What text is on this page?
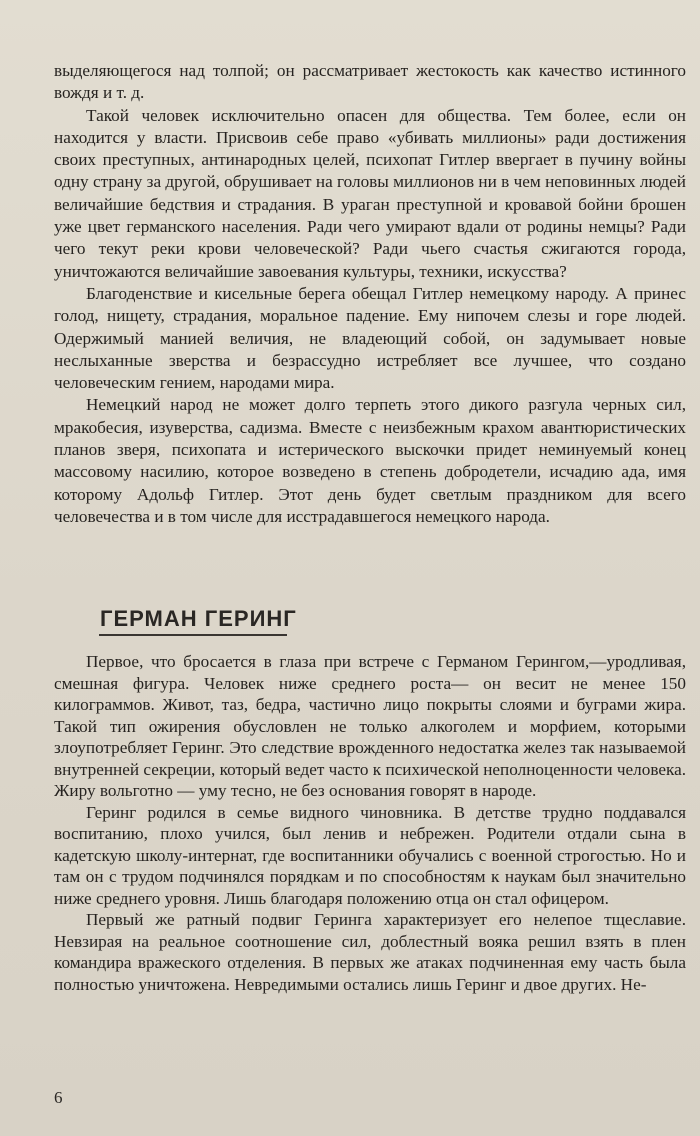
выделяющегося над толпой; он рассматривает жестокость как качество истинного вождя и т. д.

Такой человек исключительно опасен для общества. Тем более, если он находится у власти. Присвоив себе право «убивать миллионы» ради достижения своих преступных, антинародных целей, психопат Гитлер ввергает в пучину войны одну страну за другой, обрушивает на головы миллионов ни в чем неповинных людей величайшие бедствия и страдания. В ураган преступной и кровавой бойни брошен уже цвет германского населения. Ради чего умирают вдали от родины немцы? Ради чего текут реки крови человеческой? Ради чьего счастья сжигаются города, уничтожаются величайшие завоевания культуры, техники, искусства?

Благоденствие и кисельные берега обещал Гитлер немецкому народу. А принес голод, нищету, страдания, моральное падение. Ему нипочем слезы и горе людей. Одержимый манией величия, не владеющий собой, он задумывает новые неслыханные зверства и безрассудно истребляет все лучшее, что создано человеческим гением, народами мира.

Немецкий народ не может долго терпеть этого дикого разгула черных сил, мракобесия, изуверства, садизма. Вместе с неизбежным крахом авантюристических планов зверя, психопата и истерического выскочки придет неминуемый конец массовому насилию, которое возведено в степень добродетели, исчадию ада, имя которому Адольф Гитлер. Этот день будет светлым праздником для всего человечества и в том числе для исстрадавшегося немецкого народа.

ГЕРМАН ГЕРИНГ

Первое, что бросается в глаза при встрече с Германом Герингом,—уродливая, смешная фигура. Человек ниже среднего роста— он весит не менее 150 килограммов. Живот, таз, бедра, частично лицо покрыты слоями и буграми жира. Такой тип ожирения обусловлен не только алкоголем и морфием, которыми злоупотребляет Геринг. Это следствие врожденного недостатка желез так называемой внутренней секреции, который ведет часто к психической неполноценности человека. Жиру вольготно — уму тесно, не без основания говорят в народе.

Геринг родился в семье видного чиновника. В детстве трудно поддавался воспитанию, плохо учился, был ленив и небрежен. Родители отдали сына в кадетскую школу-интернат, где воспитанники обучались с военной строгостью. Но и там он с трудом подчинялся порядкам и по способностям к наукам был значительно ниже среднего уровня. Лишь благодаря положению отца он стал офицером.

Первый же ратный подвиг Геринга характеризует его нелепое тщеславие. Невзирая на реальное соотношение сил, доблестный вояка решил взять в плен командира вражеского отделения. В первых же атаках подчиненная ему часть была полностью уничтожена. Невредимыми остались лишь Геринг и двое других. Не-

6
